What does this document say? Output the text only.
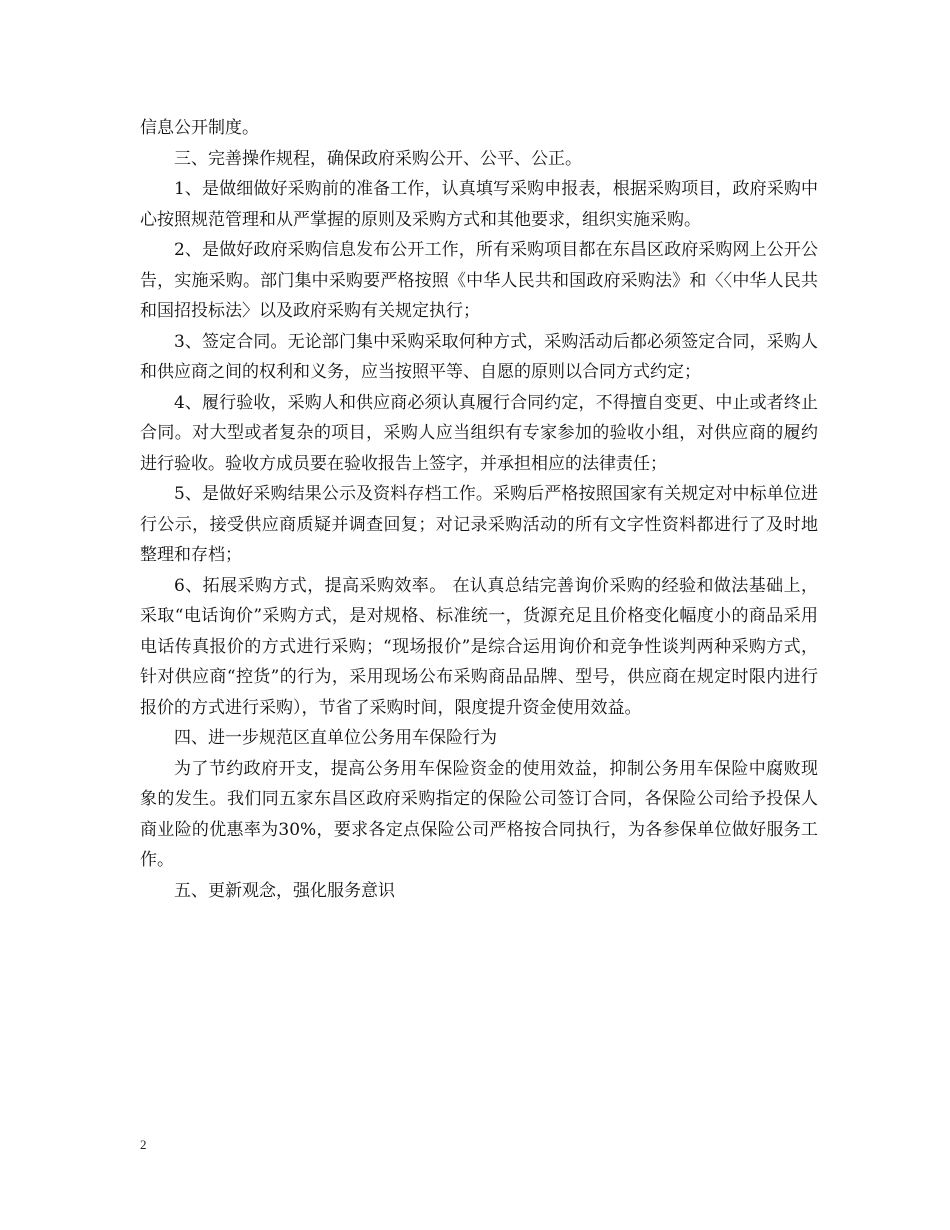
信息公开制度。

三、完善操作规程，确保政府采购公开、公平、公正。

1、是做细做好采购前的准备工作，认真填写采购申报表，根据采购项目，政府采购中心按照规范管理和从严掌握的原则及采购方式和其他要求，组织实施采购。

2、是做好政府采购信息发布公开工作，所有采购项目都在东昌区政府采购网上公开公告，实施采购。部门集中采购要严格按照《中华人民共和国政府采购法》和〈〈中华人民共和国招投标法〉以及政府采购有关规定执行；

3、签定合同。无论部门集中采购采取何种方式，采购活动后都必须签定合同，采购人和供应商之间的权利和义务，应当按照平等、自愿的原则以合同方式约定；

4、履行验收，采购人和供应商必须认真履行合同约定，不得擅自变更、中止或者终止合同。对大型或者复杂的项目，采购人应当组织有专家参加的验收小组，对供应商的履约进行验收。验收方成员要在验收报告上签字，并承担相应的法律责任；

5、是做好采购结果公示及资料存档工作。采购后严格按照国家有关规定对中标单位进行公示，接受供应商质疑并调查回复；对记录采购活动的所有文字性资料都进行了及时地整理和存档；

6、拓展采购方式，提高采购效率。 在认真总结完善询价采购的经验和做法基础上，采取“电话询价”采购方式，是对规格、标准统一，货源充足且价格变化幅度小的商品采用电话传真报价的方式进行采购；“现场报价”是综合运用询价和竞争性谈判两种采购方式，针对供应商“控货”的行为，采用现场公布采购商品品牌、型号，供应商在规定时限内进行报价的方式进行采购），节省了采购时间，限度提升资金使用效益。

四、进一步规范区直单位公务用车保险行为

为了节约政府开支，提高公务用车保险资金的使用效益，抑制公务用车保险中腐败现象的发生。我们同五家东昌区政府采购指定的保险公司签订合同，各保险公司给予投保人商业险的优惠率为30%，要求各定点保险公司严格按合同执行，为各参保单位做好服务工作。

五、更新观念，强化服务意识

2
